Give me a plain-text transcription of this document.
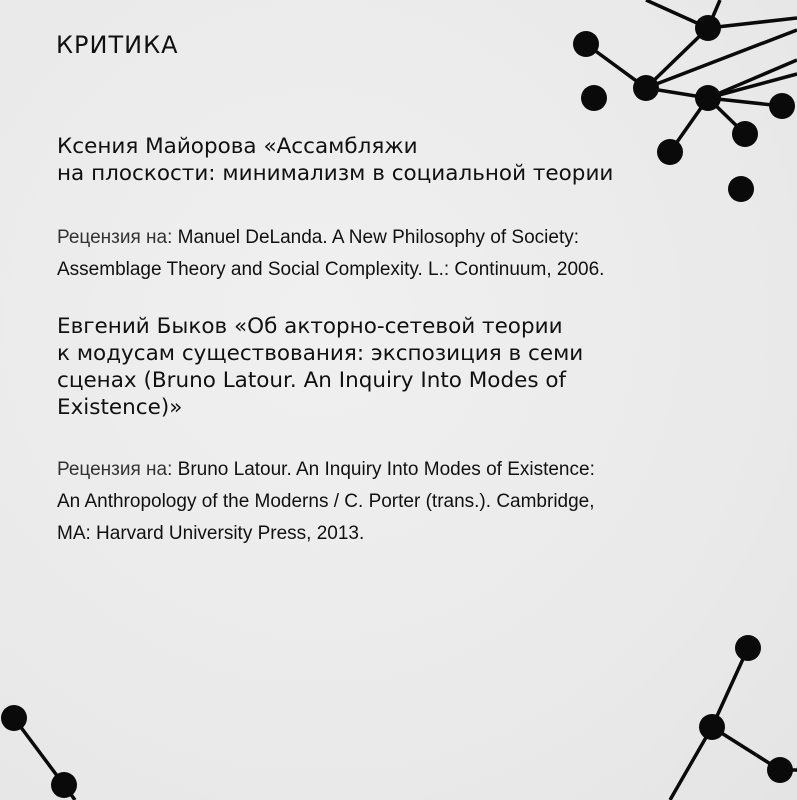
КРИТИКА

Ксения Майорова «Ассамбляжи
на плоскости: минимализм в социальной теории

Рецензия на: Manuel DeLanda. A New Philosophy of Society:
Assemblage Theory and Social Complexity. L.: Continuum, 2006.

Евгений Быков «Об акторно-сетевой теории
к модусам существования: экспозиция в семи
сценах (Bruno Latour. An Inquiry Into Modes of
Existence)»

Рецензия на: Bruno Latour. An Inquiry Into Modes of Existence:
An Anthropology of the Moderns / C. Porter (trans.). Cambridge,
MA: Harvard University Press, 2013.
